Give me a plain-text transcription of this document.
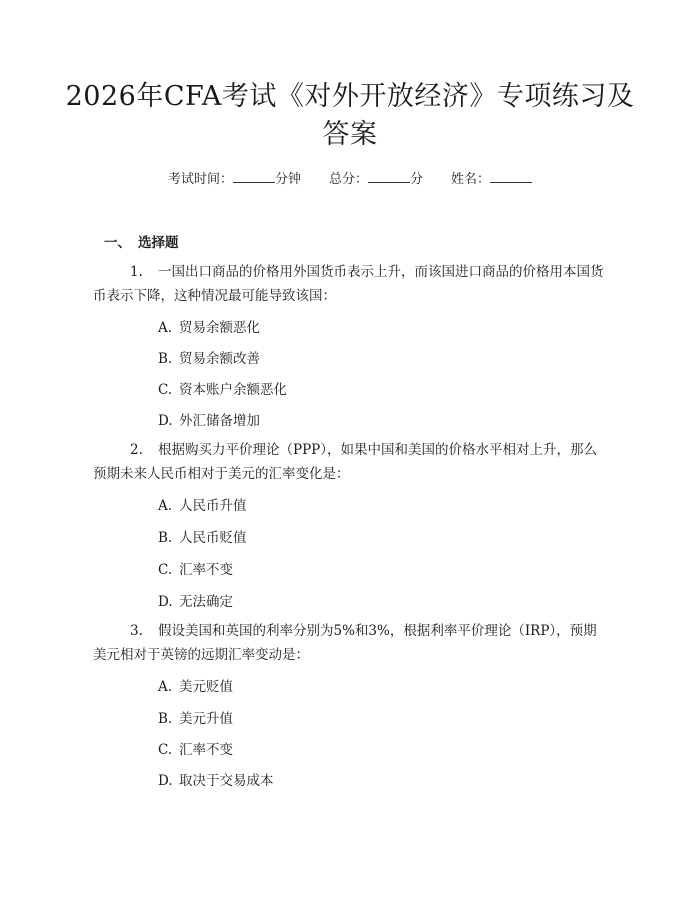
2026年CFA考试《对外开放经济》专项练习及答案
考试时间：	分钟 总分：	分 姓名：
一、 选择题
1. 一国出口商品的价格用外国货币表示上升，而该国进口商品的价格用本国货币表示下降，这种情况最可能导致该国：
A. 贸易余额恶化
B. 贸易余额改善
C. 资本账户余额恶化
D. 外汇储备增加
2. 根据购买力平价理论（PPP），如果中国和美国的价格水平相对上升，那么预期未来人民币相对于美元的汇率变化是：
A. 人民币升值
B. 人民币贬值
C. 汇率不变
D. 无法确定
3. 假设美国和英国的利率分别为5%和3%，根据利率平价理论（IRP），预期美元相对于英镑的远期汇率变动是：
A. 美元贬值
B. 美元升值
C. 汇率不变
D. 取决于交易成本
